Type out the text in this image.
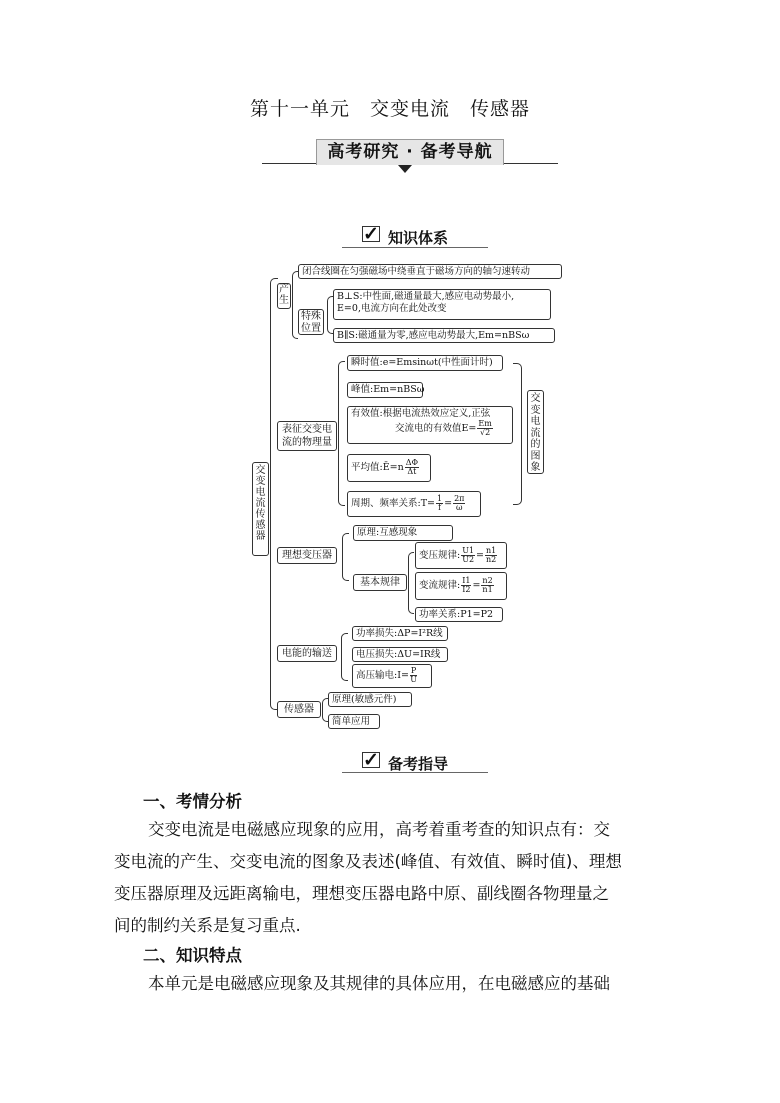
第十一单元　交变电流　传感器
高考研究 · 备考导航
✓ 知识体系
交变电流　传感器
产生
闭合线圈在匀强磁场中绕垂直于磁场方向的轴匀速转动
特殊位置
B⊥S:中性面,磁通量最大,感应电动势最小,
E=0,电流方向在此处改变
B∥S:磁通量为零,感应电动势最大,Em=nBSω
表征交变电流的物理量
瞬时值:e=Emsinωt(中性面计时)
峰值:Em=nBSω
有效值:根据电流热效应定义,正弦
交流电的有效值$E= \frac{Em}{√2}$
平均值:Ē=n $\frac{\Delta\Phi}{\Delta t}$
周期、频率关系:T= $\frac{1}{f} = \frac{2\pi}{\omega}$
交变电流的图象
理想变压器
原理:互感现象
基本规律
变压规律: $\frac{U1}{U2} = \frac{n1}{n2}$
变流规律: $\frac{I1}{I2} = \frac{n2}{n1}$
功率关系:P1=P2
电能的输送
功率损失:ΔP=I²R线
电压损失:ΔU=IR线
高压输电:I= $\frac{P}{U}$
传感器
原理(敏感元件)
简单应用
✓ 备考指导
一、考情分析
交变电流是电磁感应现象的应用，高考着重考查的知识点有：交
变电流的产生、交变电流的图象及表述(峰值、有效值、瞬时值)、理想
变压器原理及远距离输电，理想变压器电路中原、副线圈各物理量之
间的制约关系是复习重点.
二、知识特点
本单元是电磁感应现象及其规律的具体应用，在电磁感应的基础
